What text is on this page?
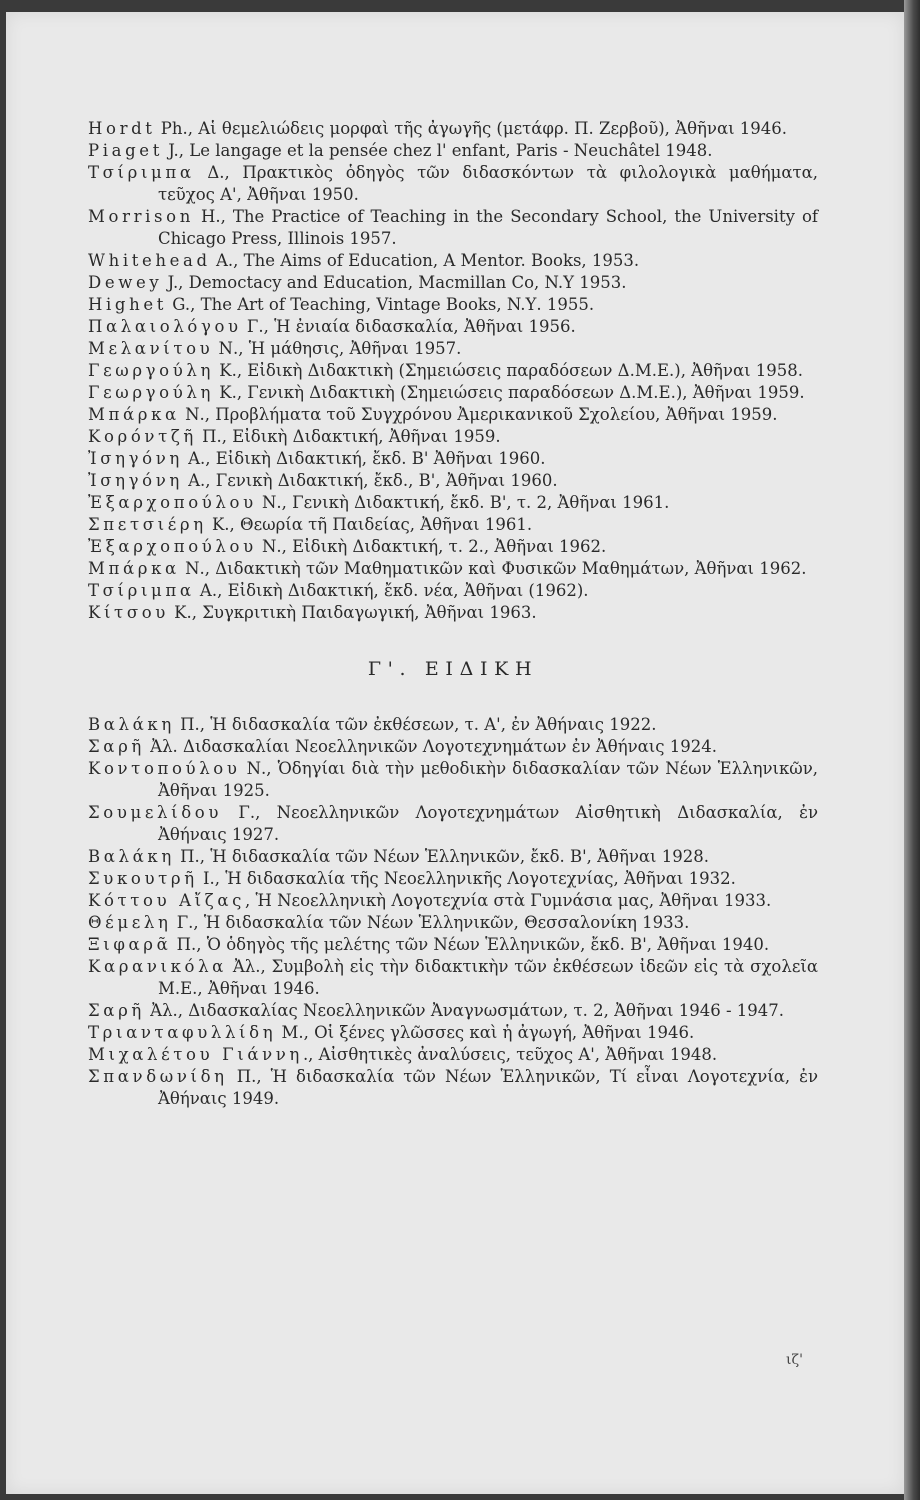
Hordt Ph., Αἱ θεμελιώδεις μορφαὶ τῆς ἀγωγῆς (μετάφρ. Π. Ζερβοῦ), Ἀθῆναι 1946.
Piaget J., Le langage et la pensée chez l' enfant, Paris - Neuchâtel 1948.
Τσίριμπα Δ., Πρακτικὸς ὁδηγὸς τῶν διδασκόντων τὰ φιλολογικὰ μαθήματα, τεῦχος Α', Ἀθῆναι 1950.
Morrison H., The Practice of Teaching in the Secondary School, the University of Chicago Press, Illinois 1957.
Whitehead A., The Aims of Education, A Mentor. Books, 1953.
Dewey J., Democtacy and Education, Macmillan Co, N.Υ 1953.
Highet G., The Art of Teaching, Vintage Books, N.Υ. 1955.
Παλαιολόγου Γ., Ἡ ἐνιαία διδασκαλία, Ἀθῆναι 1956.
Μελανίτου Ν., Ἡ μάθησις, Ἀθῆναι 1957.
Γεωργούλη Κ., Εἰδικὴ Διδακτικὴ (Σημειώσεις παραδόσεων Δ.Μ.Ε.), Ἀθῆναι 1958.
Γεωργούλη Κ., Γενικὴ Διδακτικὴ (Σημειώσεις παραδόσεων Δ.Μ.Ε.), Ἀθῆναι 1959.
Μπάρκα Ν., Προβλήματα τοῦ Συγχρόνου Ἀμερικανικοῦ Σχολείου, Ἀθῆναι 1959.
Κορόντζῆ Π., Εἰδικὴ Διδακτική, Ἀθῆναι 1959.
Ἰσηγόνη Α., Εἰδικὴ Διδακτική, ἔκδ. Β' Ἀθῆναι 1960.
Ἰσηγόνη Α., Γενικὴ Διδακτική, ἔκδ., Β', Ἀθῆναι 1960.
Ἐξαρχοπούλου Ν., Γενικὴ Διδακτική, ἔκδ. Β', τ. 2, Ἀθῆναι 1961.
Σπετσιέρη Κ., Θεωρία τῆ Παιδείας, Ἀθῆναι 1961.
Ἐξαρχοπούλου Ν., Εἰδικὴ Διδακτική, τ. 2., Ἀθῆναι 1962.
Μπάρκα Ν., Διδακτικὴ τῶν Μαθηματικῶν καὶ Φυσικῶν Μαθημάτων, Ἀθῆναι 1962.
Τσίριμπα Α., Εἰδικὴ Διδακτική, ἔκδ. νέα, Ἀθῆναι (1962).
Κίτσου Κ., Συγκριτικὴ Παιδαγωγική, Ἀθῆναι 1963.
Γ'. ΕΙΔΙΚΗ
Βαλάκη Π., Ἡ διδασκαλία τῶν ἐκθέσεων, τ. Α', ἐν Ἀθήναις 1922.
Σαρῆ Ἀλ. Διδασκαλίαι Νεοελληνικῶν Λογοτεχνημάτων ἐν Ἀθήναις 1924.
Κοντοπούλου Ν., Ὁδηγίαι διὰ τὴν μεθοδικὴν διδασκαλίαν τῶν Νέων Ἑλληνικῶν, Ἀθῆναι 1925.
Σουμελίδου Γ., Νεοελληνικῶν Λογοτεχνημάτων Αἰσθητικὴ Διδασκαλία, ἐν Ἀθήναις 1927.
Βαλάκη Π., Ἡ διδασκαλία τῶν Νέων Ἑλληνικῶν, ἔκδ. Β', Ἀθῆναι 1928.
Συκουτρῆ Ι., Ἡ διδασκαλία τῆς Νεοελληνικῆς Λογοτεχνίας, Ἀθῆναι 1932.
Κόττου Αἴζας, Ἡ Νεοελληνικὴ Λογοτεχνία στὰ Γυμνάσια μας, Ἀθῆναι 1933.
Θέμελη Γ., Ἡ διδασκαλία τῶν Νέων Ἑλληνικῶν, Θεσσαλονίκη 1933.
Ξιφαρᾶ Π., Ὁ ὁδηγὸς τῆς μελέτης τῶν Νέων Ἑλληνικῶν, ἔκδ. Β', Ἀθῆναι 1940.
Καρανικόλα Ἀλ., Συμβολὴ εἰς τὴν διδακτικὴν τῶν ἐκθέσεων ἰδεῶν εἰς τὰ σχολεῖα Μ.Ε., Ἀθῆναι 1946.
Σαρῆ Ἀλ., Διδασκαλίας Νεοελληνικῶν Ἀναγνωσμάτων, τ. 2, Ἀθῆναι 1946 - 1947.
Τριανταφυλλίδη Μ., Οἱ ξένες γλῶσσες καὶ ἡ ἀγωγή, Ἀθῆναι 1946.
Μιχαλέτου Γιάννη., Αἰσθητικὲς ἀναλύσεις, τεῦχος Α', Ἀθῆναι 1948.
Σπανδωνίδη Π., Ἡ διδασκαλία τῶν Νέων Ἑλληνικῶν, Τί εἶναι Λογοτεχνία, ἐν Ἀθήναις 1949.
ιζ'
